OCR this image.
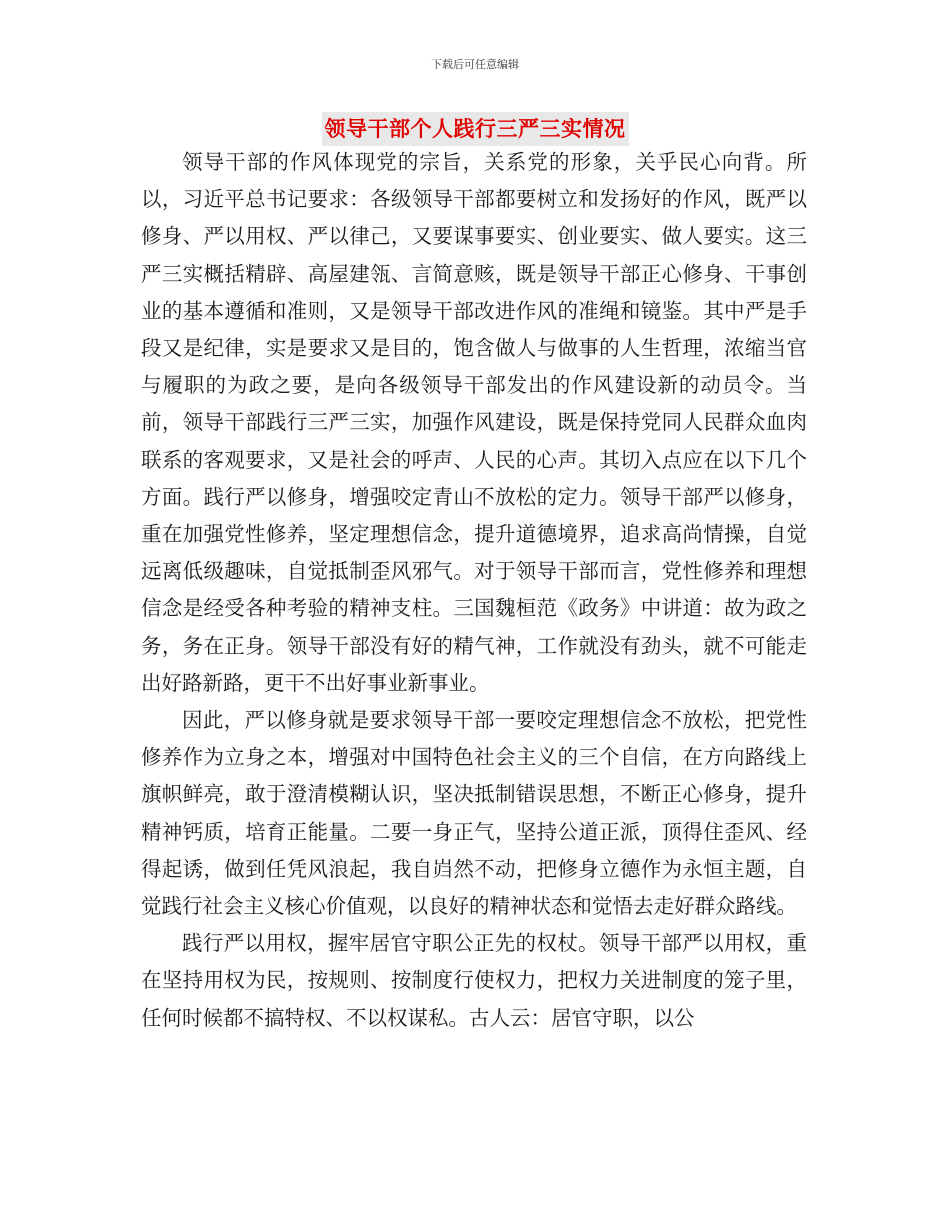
下载后可任意编辑
领导干部个人践行三严三实情况

领导干部的作风体现党的宗旨，关系党的形象，关乎民心向背。所以，习近平总书记要求：各级领导干部都要树立和发扬好的作风，既严以修身、严以用权、严以律己，又要谋事要实、创业要实、做人要实。这三严三实概括精辟、高屋建瓴、言简意赅，既是领导干部正心修身、干事创业的基本遵循和准则，又是领导干部改进作风的准绳和镜鉴。其中严是手段又是纪律，实是要求又是目的，饱含做人与做事的人生哲理，浓缩当官与履职的为政之要，是向各级领导干部发出的作风建设新的动员令。当前，领导干部践行三严三实，加强作风建设，既是保持党同人民群众血肉联系的客观要求，又是社会的呼声、人民的心声。其切入点应在以下几个方面。践行严以修身，增强咬定青山不放松的定力。领导干部严以修身，重在加强党性修养，坚定理想信念，提升道德境界，追求高尚情操，自觉远离低级趣味，自觉抵制歪风邪气。对于领导干部而言，党性修养和理想信念是经受各种考验的精神支柱。三国魏桓范《政务》中讲道：故为政之务，务在正身。领导干部没有好的精气神，工作就没有劲头，就不可能走出好路新路，更干不出好事业新事业。

因此，严以修身就是要求领导干部一要咬定理想信念不放松，把党性修养作为立身之本，增强对中国特色社会主义的三个自信，在方向路线上旗帜鲜亮，敢于澄清模糊认识，坚决抵制错误思想，不断正心修身，提升精神钙质，培育正能量。二要一身正气，坚持公道正派，顶得住歪风、经得起诱，做到任凭风浪起，我自岿然不动，把修身立德作为永恒主题，自觉践行社会主义核心价值观，以良好的精神状态和觉悟去走好群众路线。

践行严以用权，握牢居官守职公正先的权杖。领导干部严以用权，重在坚持用权为民，按规则、按制度行使权力，把权力关进制度的笼子里，任何时候都不搞特权、不以权谋私。古人云：居官守职，以公
